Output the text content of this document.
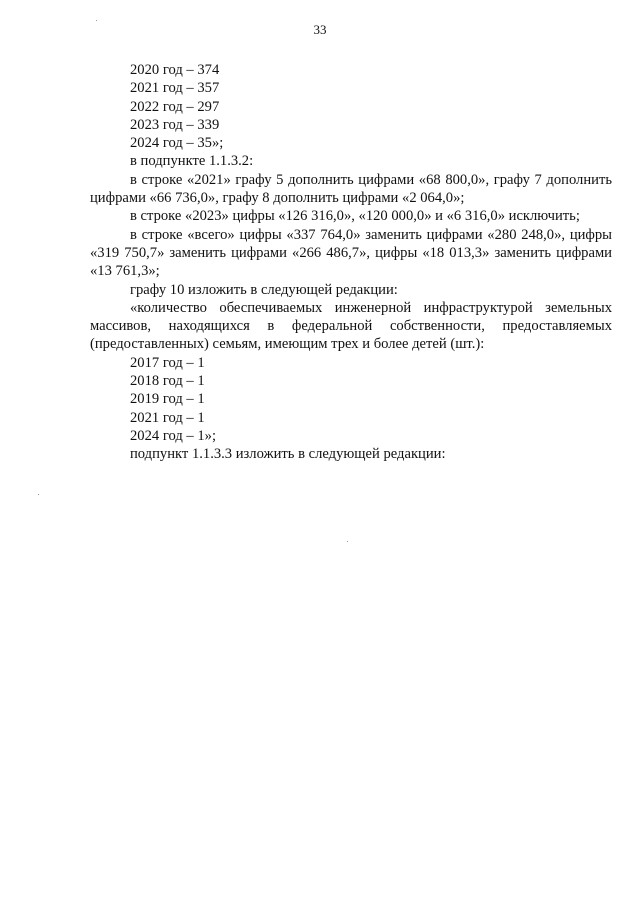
33
2020 год – 374
2021 год – 357
2022 год – 297
2023 год – 339
2024 год – 35»;
в подпункте 1.1.3.2:
в строке «2021» графу 5 дополнить цифрами «68 800,0», графу 7 дополнить
цифрами «66 736,0», графу 8 дополнить цифрами «2 064,0»;
в строке «2023» цифры «126 316,0», «120 000,0» и «6 316,0» исключить;
в строке «всего» цифры «337 764,0» заменить цифрами «280 248,0», цифры
«319 750,7» заменить цифрами «266 486,7», цифры «18 013,3» заменить цифрами
«13 761,3»;
графу 10 изложить в следующей редакции:
«количество обеспечиваемых инженерной инфраструктурой земельных
массивов, находящихся в федеральной собственности, предоставляемых
(предоставленных) семьям, имеющим трех и более детей (шт.):
2017 год – 1
2018 год – 1
2019 год – 1
2021 год – 1
2024 год – 1»;
подпункт 1.1.3.3 изложить в следующей редакции:
